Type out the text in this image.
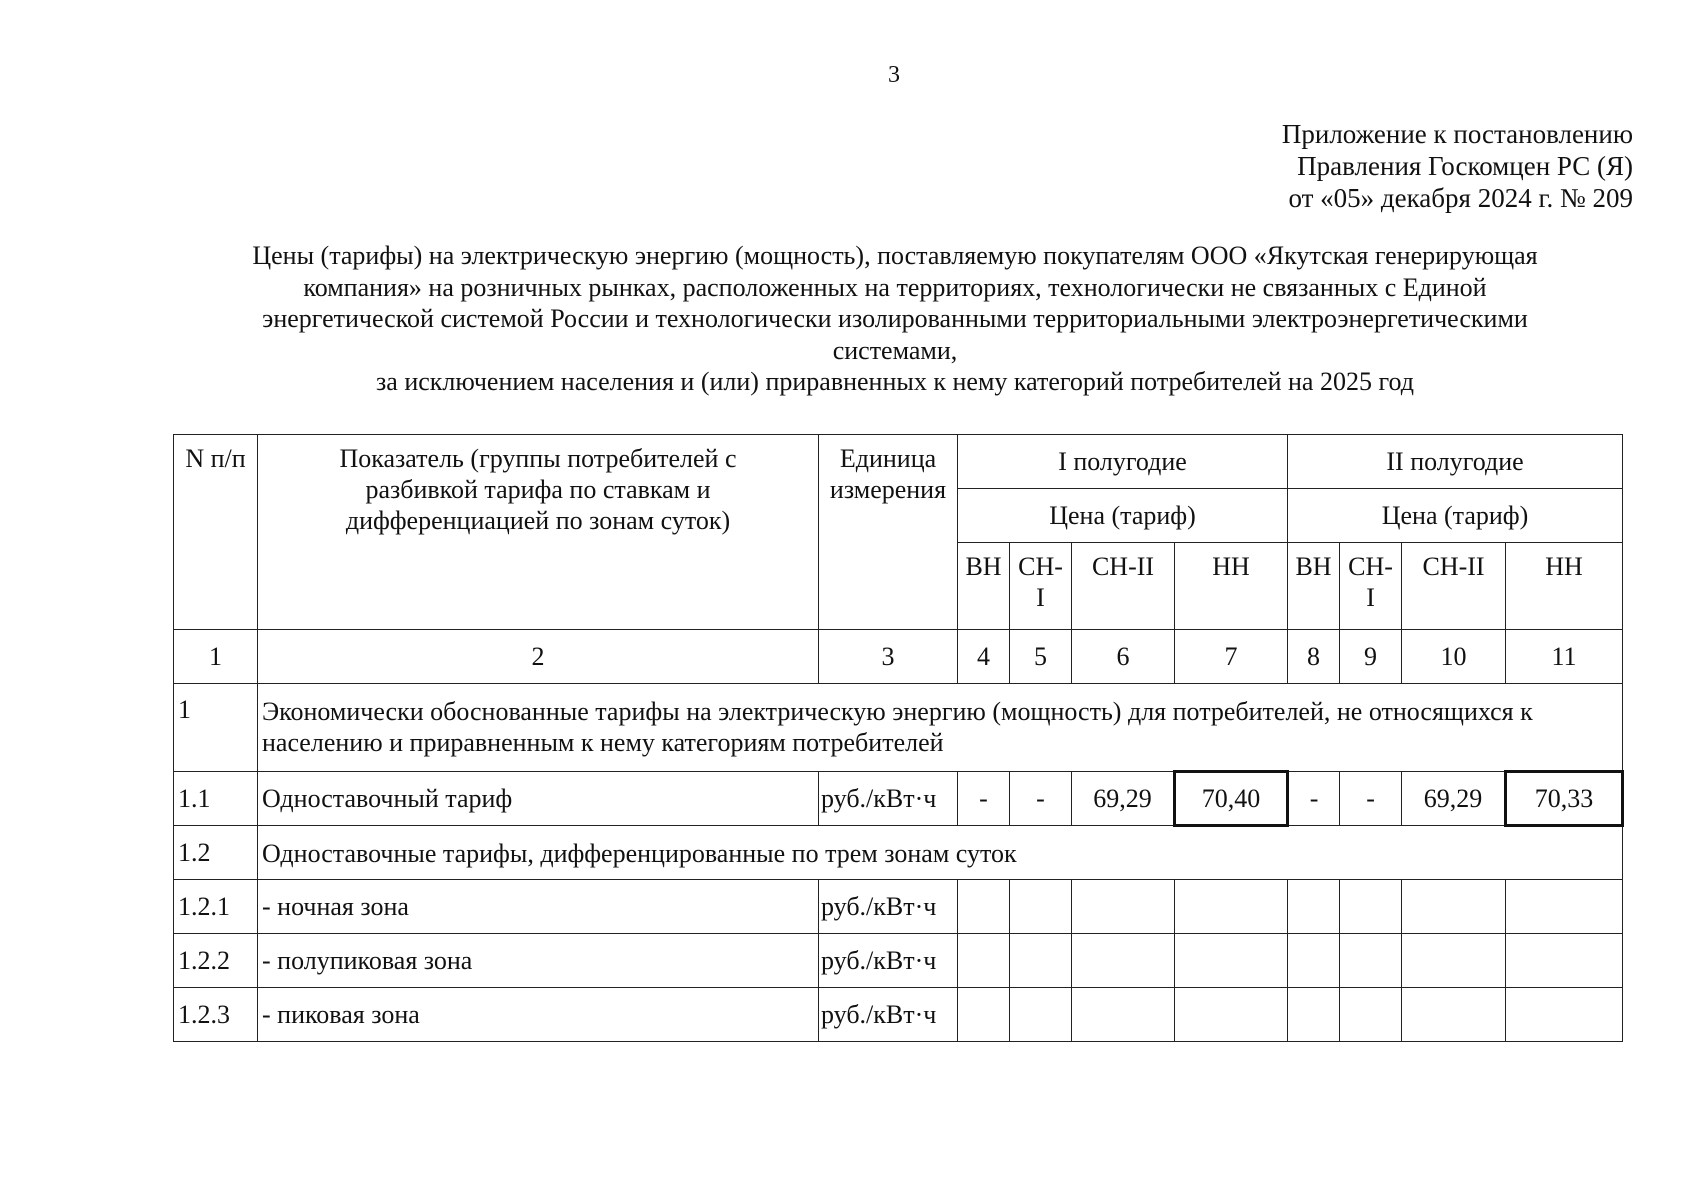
3
Приложение к постановлению
Правления Госкомцен РС (Я)
от «05» декабря 2024 г. № 209
Цены (тарифы) на электрическую энергию (мощность), поставляемую покупателям ООО «Якутская генерирующая
компания» на розничных рынках, расположенных на территориях, технологически не связанных с Единой
энергетической системой России и технологически изолированными территориальными электроэнергетическими
системами,
за исключением населения и (или) приравненных к нему категорий потребителей на 2025 год
N п/п	Показатель (группы потребителей с разбивкой тарифа по ставкам и дифференциацией по зонам суток)	Единица измерения	I полугодие				II полугодие			
			Цена (тариф)				Цена (тариф)			
			ВН	СН-I	СН-II	НН	ВН	СН-I	СН-II	НН
1	2	3	4	5	6	7	8	9	10	11
1	Экономически обоснованные тарифы на электрическую энергию (мощность) для потребителей, не относящихся к населению и приравненным к нему категориям потребителей									
1.1	Одноставочный тариф	руб./кВт·ч	-	-	69,29	70,40	-	-	69,29	70,33
1.2	Одноставочные тарифы, дифференцированные по трем зонам суток									
1.2.1	- ночная зона	руб./кВт·ч								
1.2.2	- полупиковая зона	руб./кВт·ч								
1.2.3	- пиковая зона	руб./кВт·ч								
